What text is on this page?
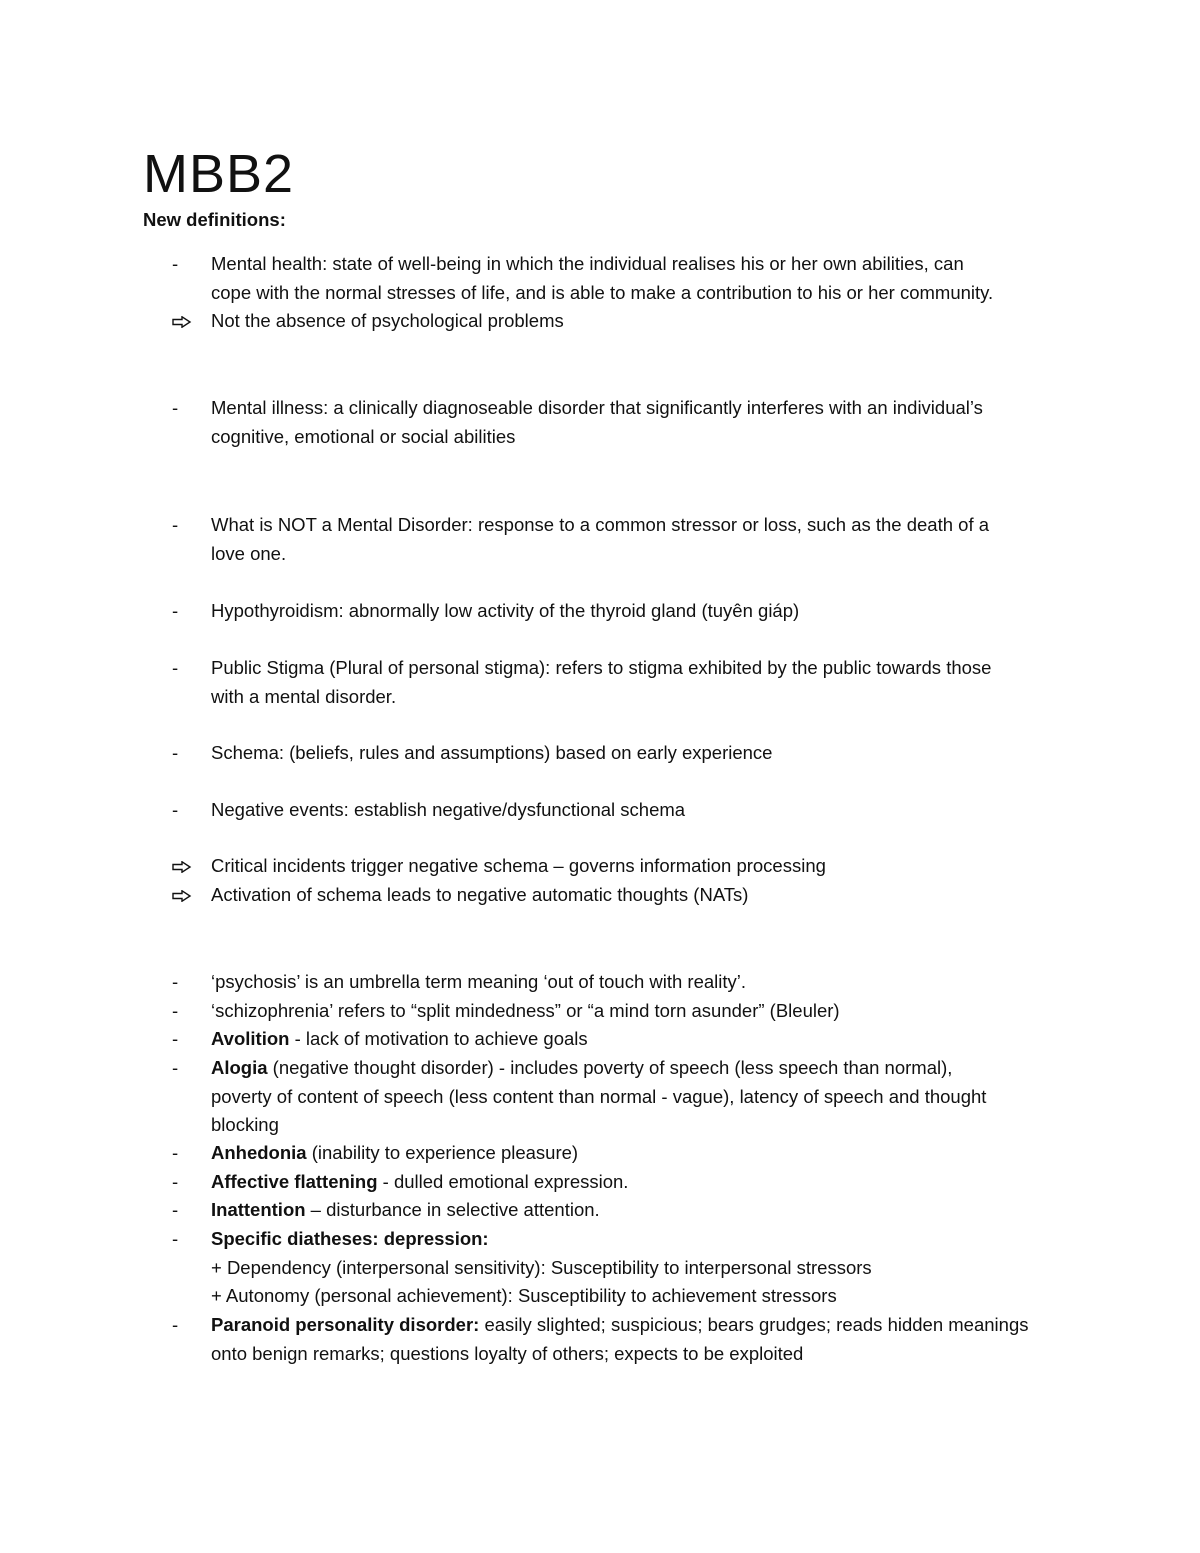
MBB2
New definitions:
-	Mental health: state of well-being in which the individual realises his or her own abilities, can
cope with the normal stresses of life, and is able to make a contribution to his or her community.
Not the absence of psychological problems
-	Mental illness: a clinically diagnoseable disorder that significantly interferes with an individual’s
cognitive, emotional or social abilities
-	What is NOT a Mental Disorder: response to a common stressor or loss, such as the death of a
love one.
-	Hypothyroidism: abnormally low activity of the thyroid gland (tuyên giáp)
-	Public Stigma (Plural of personal stigma): refers to stigma exhibited by the public towards those
with a mental disorder.
-	Schema: (beliefs, rules and assumptions) based on early experience
-	Negative events: establish negative/dysfunctional schema
Critical incidents trigger negative schema – governs information processing
Activation of schema leads to negative automatic thoughts (NATs)
-	‘psychosis’ is an umbrella term meaning ‘out of touch with reality’.
-	‘schizophrenia’ refers to “split mindedness” or “a mind torn asunder” (Bleuler)
-	Avolition - lack of motivation to achieve goals
-	Alogia (negative thought disorder) - includes poverty of speech (less speech than normal),
poverty of content of speech (less content than normal - vague), latency of speech and thought
blocking
-	Anhedonia (inability to experience pleasure)
-	Affective flattening - dulled emotional expression.
-	Inattention – disturbance in selective attention.
-	Specific diatheses: depression:
+ Dependency (interpersonal sensitivity): Susceptibility to interpersonal stressors
+ Autonomy (personal achievement): Susceptibility to achievement stressors
-	Paranoid personality disorder: easily slighted; suspicious; bears grudges; reads hidden meanings
onto benign remarks; questions loyalty of others; expects to be exploited
